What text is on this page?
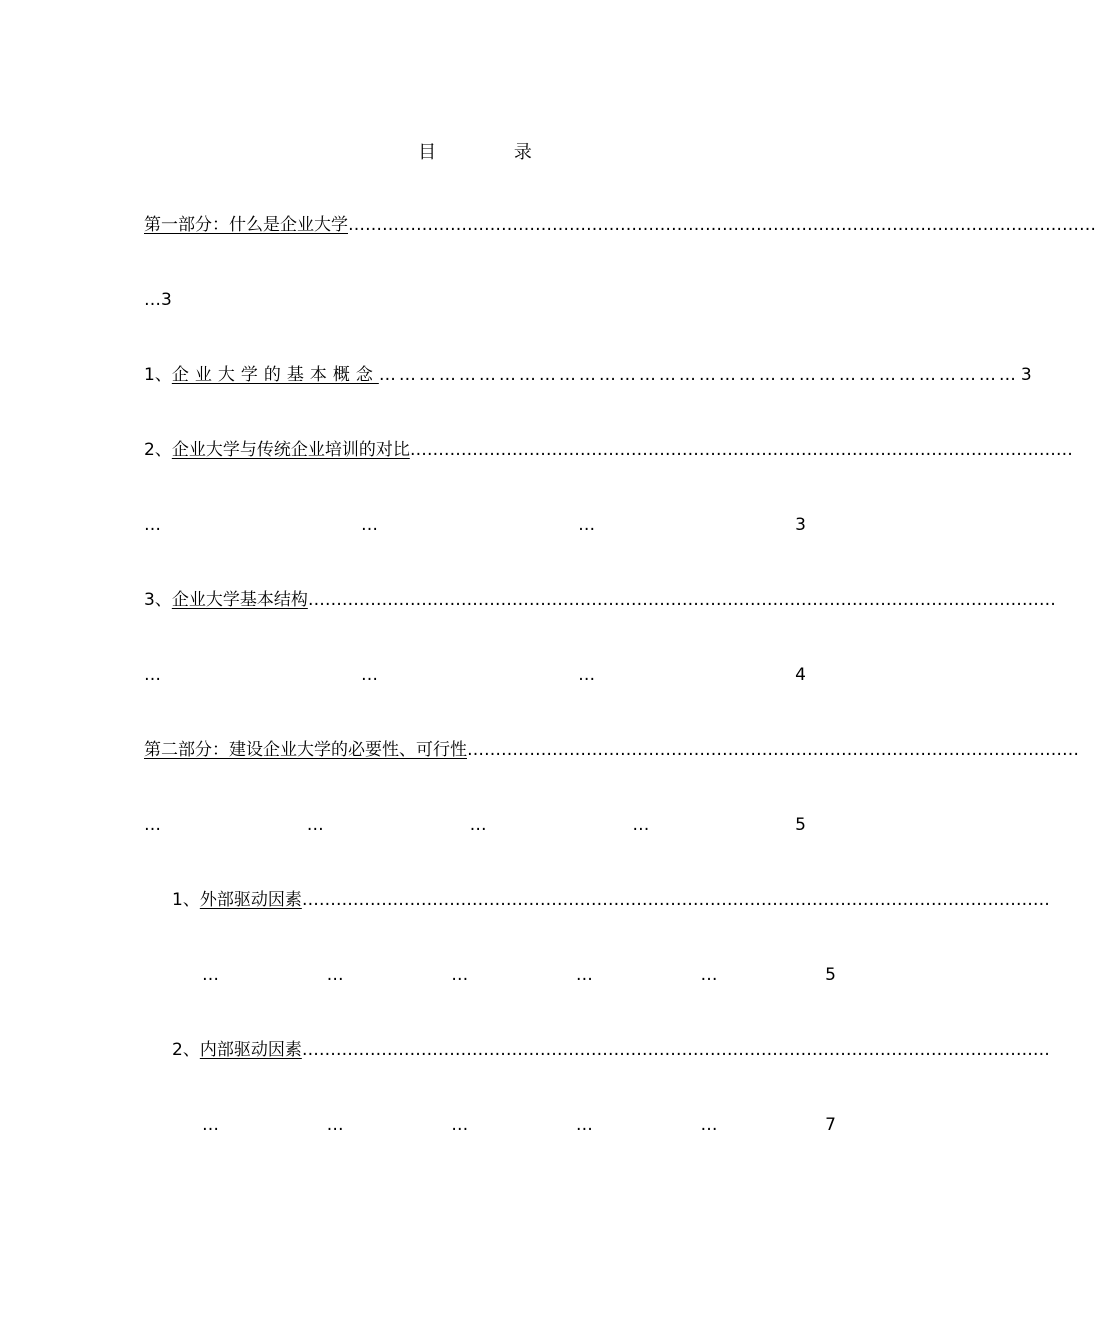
目 录
第一部分：什么是企业大学 ……………………………………………………………………………………………………………………
…3
1、 企业大学的基本概念 …………………………………………………………………………………… 3
2、 企业大学与传统企业培训的对比 ………………………………………………………………………………………………………
…	…	…	3
3、 企业大学基本结构 ……………………………………………………………………………………………………………………
…	…	…	4
第二部分：建设企业大学的必要性、可行性 ………………………………………………………………………………………………
…	…	…	…	5
1、 外部驱动因素 ……………………………………………………………………………………………………………………
…	…	…	…	…	5
2、 内部驱动因素 ……………………………………………………………………………………………………………………
…	…	…	…	…	7
